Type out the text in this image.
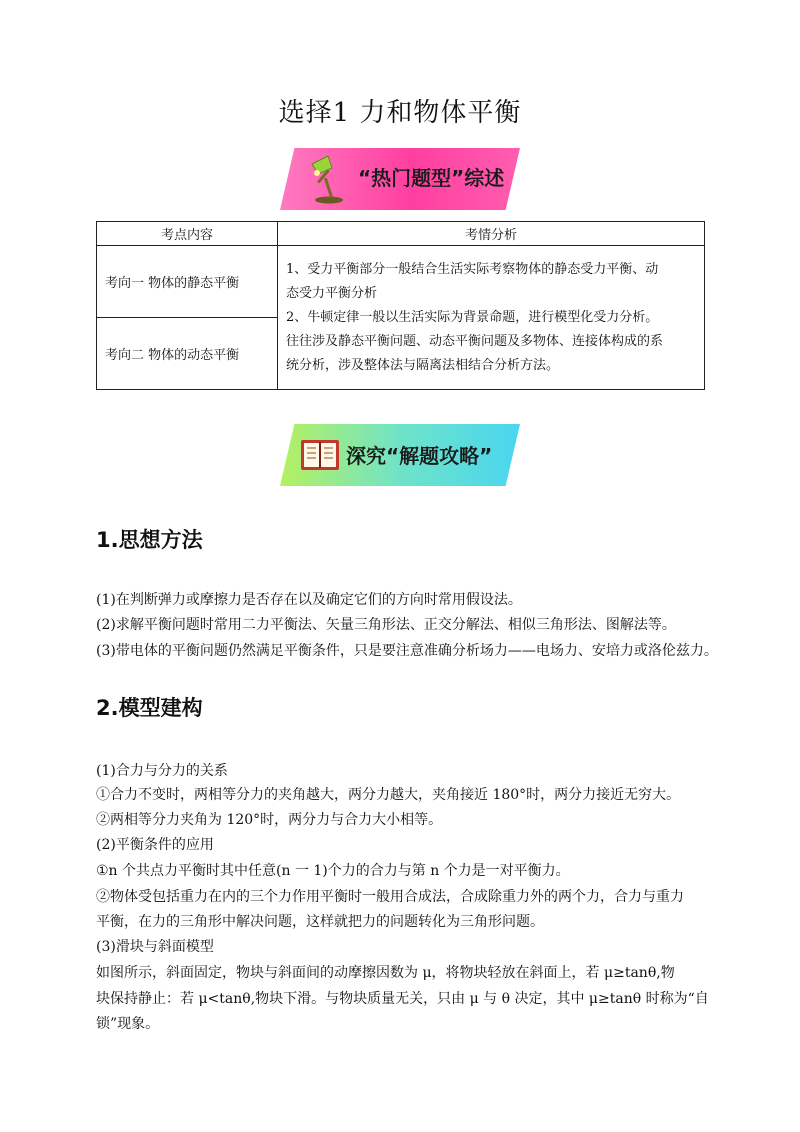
选择1 力和物体平衡
“热门题型”综述
考点内容	考情分析
考向一 物体的静态平衡	1、受力平衡部分一般结合生活实际考察物体的静态受力平衡、动
态受力平衡分析
2、牛顿定律一般以生活实际为背景命题，进行模型化受力分析。
往往涉及静态平衡问题、动态平衡问题及多物体、连接体构成的系
统分析，涉及整体法与隔离法相结合分析方法。

考向二 物体的动态平衡	
深究“解题攻略”
1.思想方法

(1)在判断弹力或摩擦力是否存在以及确定它们的方向时常用假设法。

(2)求解平衡问题时常用二力平衡法、矢量三角形法、正交分解法、相似三角形法、图解法等。

(3)带电体的平衡问题仍然满足平衡条件，只是要注意准确分析场力——电场力、安培力或洛伦兹力。

2.模型建构

(1)合力与分力的关系

①合力不变时，两相等分力的夹角越大，两分力越大，夹角接近 180°时，两分力接近无穷大。

②两相等分力夹角为 120°时，两分力与合力大小相等。

(2)平衡条件的应用

①n 个共点力平衡时其中任意(n 一 1)个力的合力与第 n 个力是一对平衡力。

②物体受包括重力在内的三个力作用平衡时一般用合成法，合成除重力外的两个力，合力与重力

平衡，在力的三角形中解决问题，这样就把力的问题转化为三角形问题。

(3)滑块与斜面模型

如图所示，斜面固定，物块与斜面间的动摩擦因数为 μ，将物块轻放在斜面上，若 μ≥tanθ,物

块保持静止：若 μ<tanθ,物块下滑。与物块质量无关，只由 μ 与 θ 决定，其中 μ≥tanθ 时称为“自

锁”现象。
